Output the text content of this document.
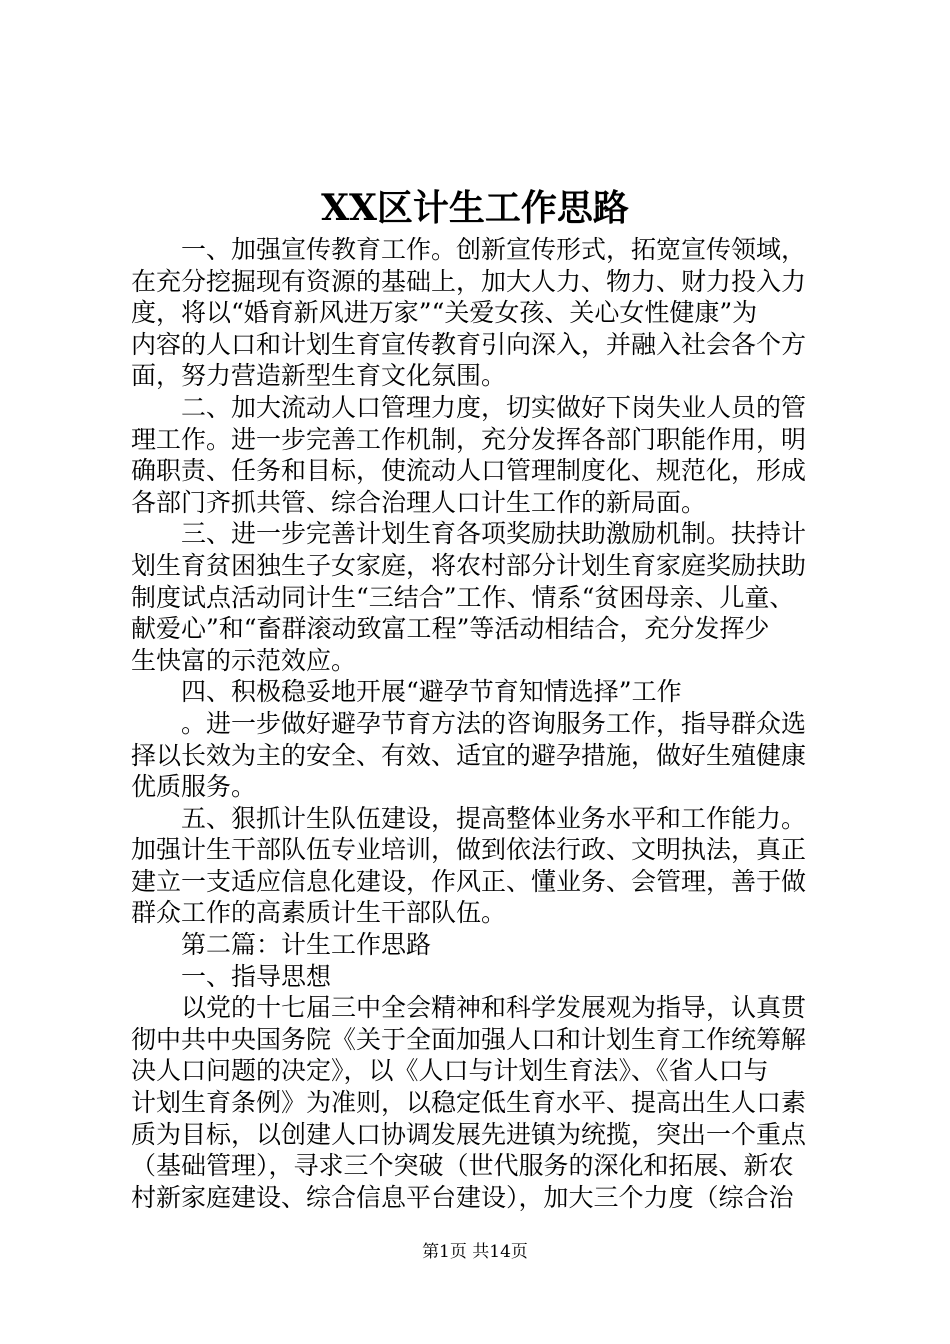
XX区计生工作思路
一、加强宣传教育工作。创新宣传形式，拓宽宣传领域，
在充分挖掘现有资源的基础上，加大人力、物力、财力投入力
度，将以“婚育新风进万家”“关爱女孩、关心女性健康”为
内容的人口和计划生育宣传教育引向深入，并融入社会各个方
面，努力营造新型生育文化氛围。
二、加大流动人口管理力度，切实做好下岗失业人员的管
理工作。进一步完善工作机制，充分发挥各部门职能作用，明
确职责、任务和目标，使流动人口管理制度化、规范化，形成
各部门齐抓共管、综合治理人口计生工作的新局面。
三、进一步完善计划生育各项奖励扶助激励机制。扶持计
划生育贫困独生子女家庭，将农村部分计划生育家庭奖励扶助
制度试点活动同计生“三结合”工作、情系“贫困母亲、儿童、
献爱心”和“畜群滚动致富工程”等活动相结合，充分发挥少
生快富的示范效应。
四、积极稳妥地开展“避孕节育知情选择”工作
。进一步做好避孕节育方法的咨询服务工作，指导群众选
择以长效为主的安全、有效、适宜的避孕措施，做好生殖健康
优质服务。
五、狠抓计生队伍建设，提高整体业务水平和工作能力。
加强计生干部队伍专业培训，做到依法行政、文明执法，真正
建立一支适应信息化建设，作风正、懂业务、会管理，善于做
群众工作的高素质计生干部队伍。
第二篇：计生工作思路
一、指导思想
以党的十七届三中全会精神和科学发展观为指导，认真贯
彻中共中央国务院《关于全面加强人口和计划生育工作统筹解
决人口问题的决定》，以《人口与计划生育法》、《省人口与
计划生育条例》为准则，以稳定低生育水平、提高出生人口素
质为目标，以创建人口协调发展先进镇为统揽，突出一个重点
（基础管理），寻求三个突破（世代服务的深化和拓展、新农
村新家庭建设、综合信息平台建设），加大三个力度（综合治
第1页 共14页
